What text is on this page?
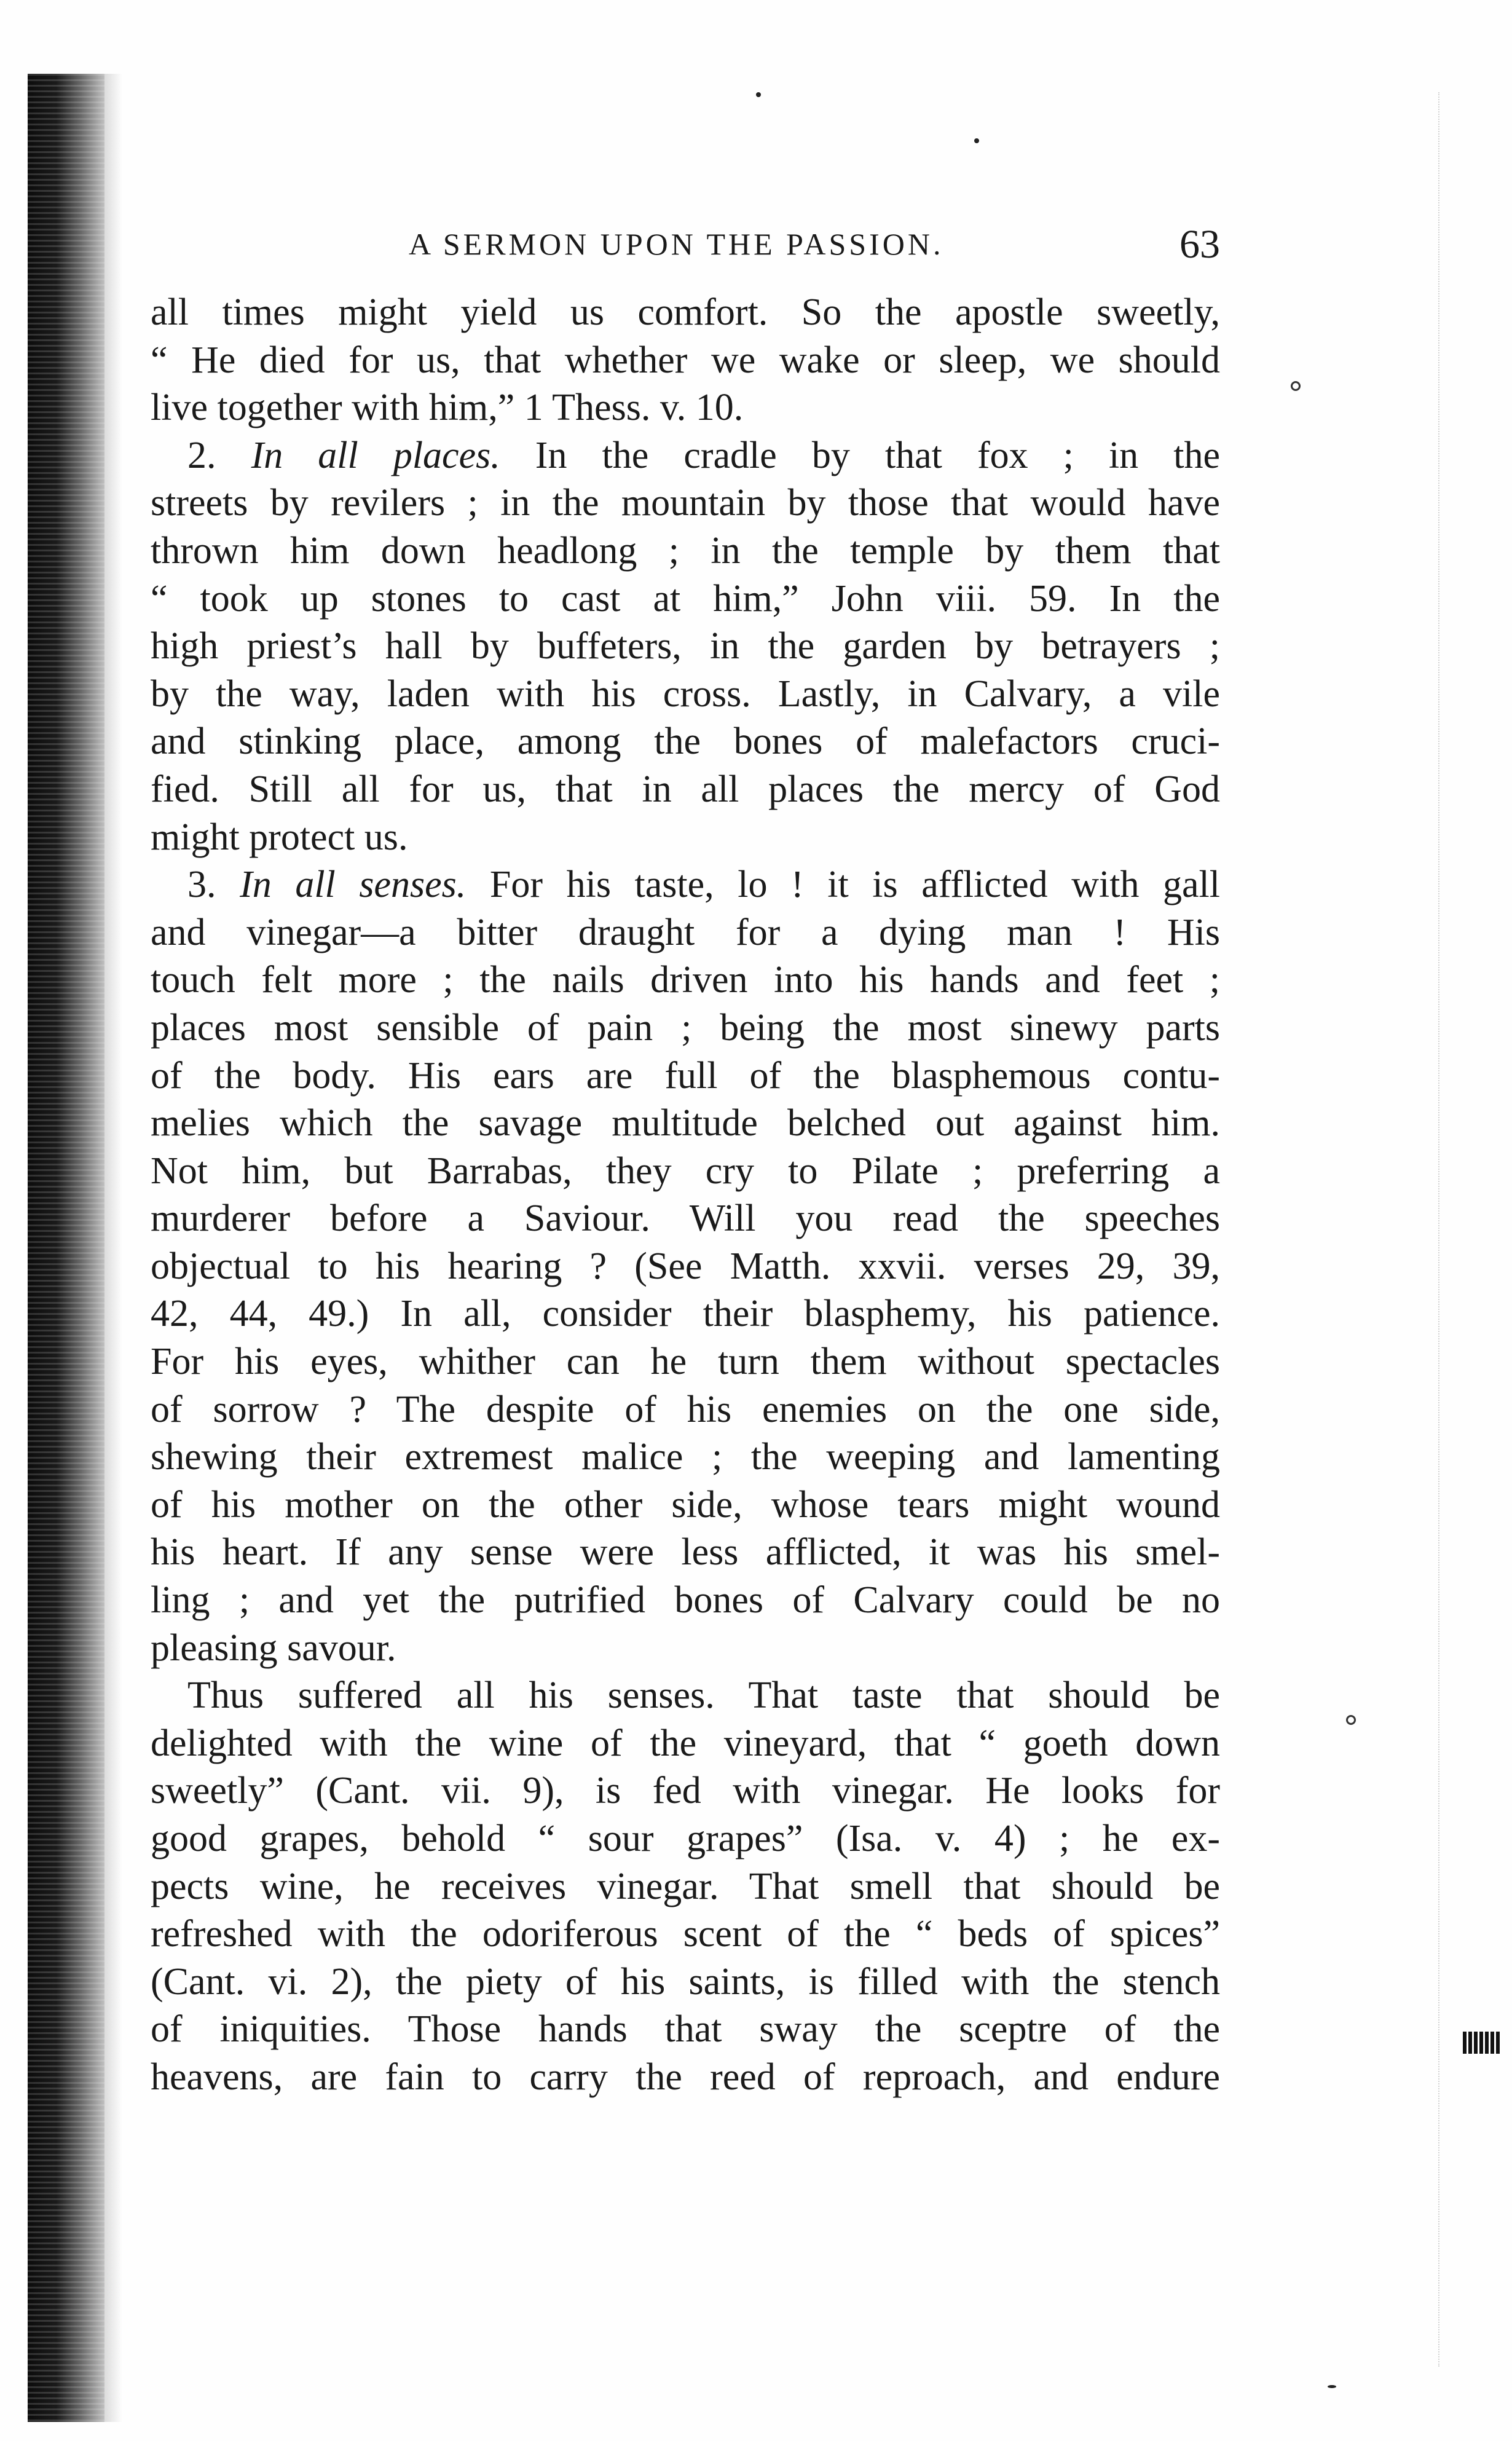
A SERMON UPON THE PASSION.	63
all times might yield us comfort. So the apostle sweetly,
“ He died for us, that whether we wake or sleep, we should
live together with him,” 1 Thess. v. 10.
2. In all places. In the cradle by that fox ; in the
streets by revilers ; in the mountain by those that would have
thrown him down headlong ; in the temple by them that
“ took up stones to cast at him,” John viii. 59. In the
high priest’s hall by buffeters, in the garden by betrayers ;
by the way, laden with his cross. Lastly, in Calvary, a vile
and stinking place, among the bones of malefactors cruci-
fied. Still all for us, that in all places the mercy of God
might protect us.
3. In all senses. For his taste, lo ! it is afflicted with gall
and vinegar—a bitter draught for a dying man ! His
touch felt more ; the nails driven into his hands and feet ;
places most sensible of pain ; being the most sinewy parts
of the body. His ears are full of the blasphemous contu-
melies which the savage multitude belched out against him.
Not him, but Barrabas, they cry to Pilate ; preferring a
murderer before a Saviour. Will you read the speeches
objectual to his hearing ? (See Matth. xxvii. verses 29, 39,
42, 44, 49.) In all, consider their blasphemy, his patience.
For his eyes, whither can he turn them without spectacles
of sorrow ? The despite of his enemies on the one side,
shewing their extremest malice ; the weeping and lamenting
of his mother on the other side, whose tears might wound
his heart. If any sense were less afflicted, it was his smel-
ling ; and yet the putrified bones of Calvary could be no
pleasing savour.
Thus suffered all his senses. That taste that should be
delighted with the wine of the vineyard, that “ goeth down
sweetly” (Cant. vii. 9), is fed with vinegar. He looks for
good grapes, behold “ sour grapes” (Isa. v. 4) ; he ex-
pects wine, he receives vinegar. That smell that should be
refreshed with the odoriferous scent of the “ beds of spices”
(Cant. vi. 2), the piety of his saints, is filled with the stench
of iniquities. Those hands that sway the sceptre of the
heavens, are fain to carry the reed of reproach, and endure
